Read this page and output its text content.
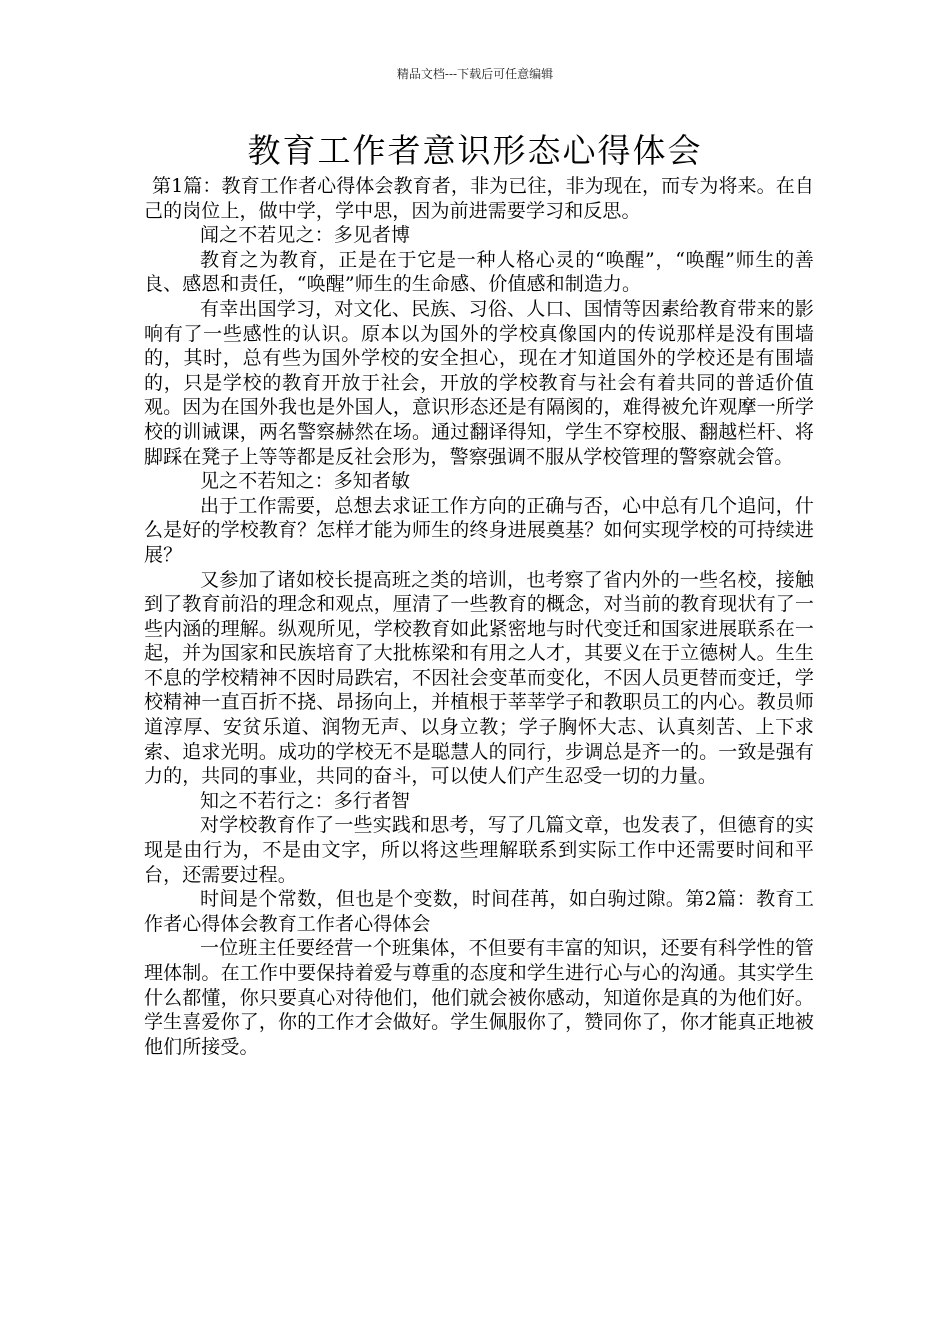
精品文档---下载后可任意编辑
教育工作者意识形态心得体会

第1篇：教育工作者心得体会教育者，非为已往，非为现在，而专为将来。在自己的岗位上，做中学，学中思，因为前进需要学习和反思。

闻之不若见之：多见者博

教育之为教育，正是在于它是一种人格心灵的“唤醒”，“唤醒”师生的善良、感恩和责任，“唤醒”师生的生命感、价值感和制造力。

有幸出国学习，对文化、民族、习俗、人口、国情等因素给教育带来的影响有了一些感性的认识。原本以为国外的学校真像国内的传说那样是没有围墙的，其时，总有些为国外学校的安全担心，现在才知道国外的学校还是有围墙的，只是学校的教育开放于社会，开放的学校教育与社会有着共同的普适价值观。因为在国外我也是外国人，意识形态还是有隔阂的，难得被允许观摩一所学校的训诫课，两名警察赫然在场。通过翻译得知，学生不穿校服、翻越栏杆、将脚踩在凳子上等等都是反社会形为，警察强调不服从学校管理的警察就会管。

见之不若知之：多知者敏

出于工作需要，总想去求证工作方向的正确与否，心中总有几个追问，什么是好的学校教育？怎样才能为师生的终身进展奠基？如何实现学校的可持续进展？

又参加了诸如校长提高班之类的培训，也考察了省内外的一些名校，接触到了教育前沿的理念和观点，厘清了一些教育的概念，对当前的教育现状有了一些内涵的理解。纵观所见，学校教育如此紧密地与时代变迁和国家进展联系在一起，并为国家和民族培育了大批栋梁和有用之人才，其要义在于立德树人。生生不息的学校精神不因时局跌宕，不因社会变革而变化，不因人员更替而变迁，学校精神一直百折不挠、昂扬向上，并植根于莘莘学子和教职员工的内心。教员师道淳厚、安贫乐道、润物无声、以身立教；学子胸怀大志、认真刻苦、上下求索、追求光明。成功的学校无不是聪慧人的同行，步调总是齐一的。一致是强有力的，共同的事业，共同的奋斗，可以使人们产生忍受一切的力量。

知之不若行之：多行者智

对学校教育作了一些实践和思考，写了几篇文章，也发表了，但德育的实现是由行为，不是由文字，所以将这些理解联系到实际工作中还需要时间和平台，还需要过程。

时间是个常数，但也是个变数，时间荏苒，如白驹过隙。第2篇：教育工作者心得体会教育工作者心得体会

一位班主任要经营一个班集体，不但要有丰富的知识，还要有科学性的管理体制。在工作中要保持着爱与尊重的态度和学生进行心与心的沟通。其实学生什么都懂，你只要真心对待他们，他们就会被你感动，知道你是真的为他们好。学生喜爱你了，你的工作才会做好。学生佩服你了，赞同你了，你才能真正地被他们所接受。
